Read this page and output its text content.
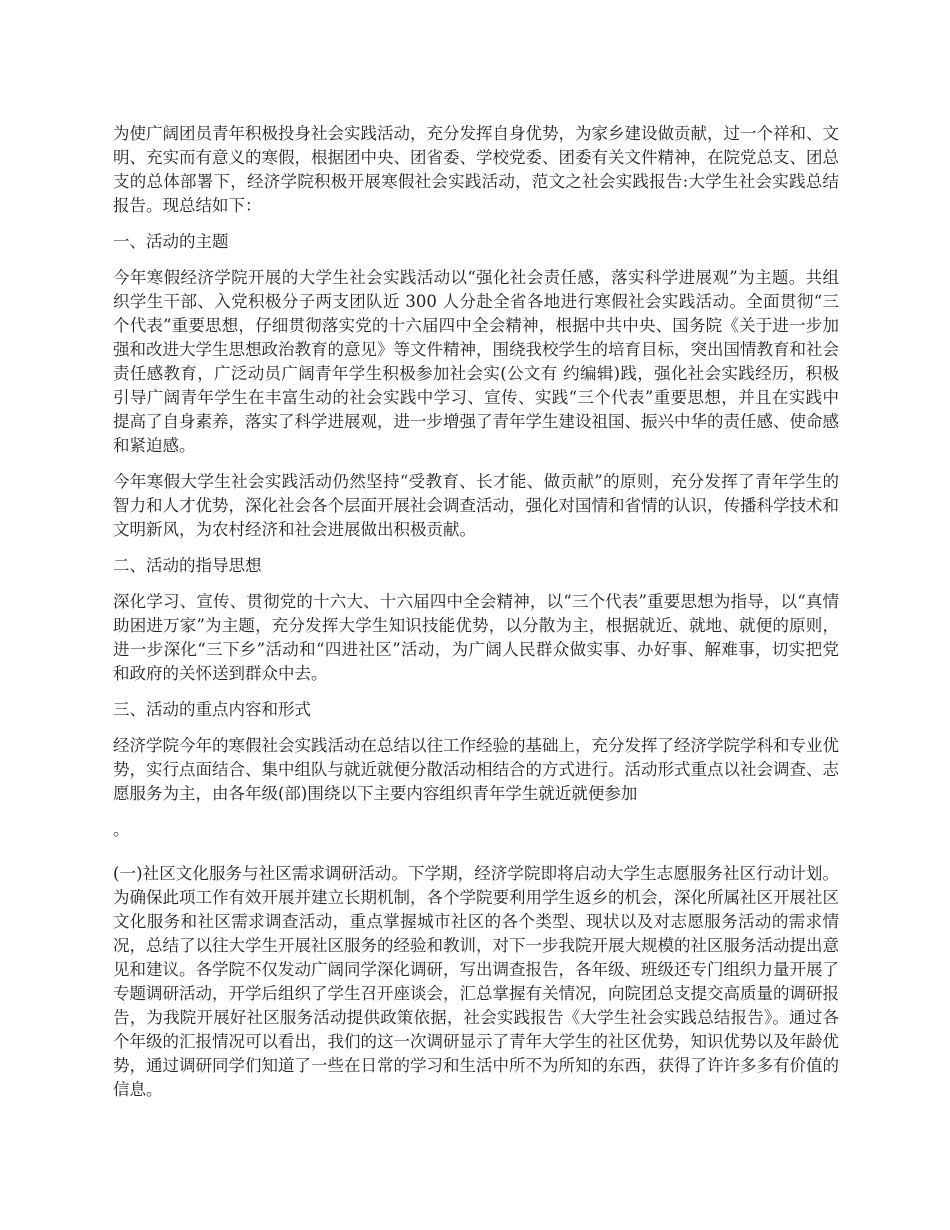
为使广阔团员青年积极投身社会实践活动，充分发挥自身优势，为家乡建设做贡献，过一个祥和、文明、充实而有意义的寒假，根据团中央、团省委、学校党委、团委有关文件精神，在院党总支、团总支的总体部署下，经济学院积极开展寒假社会实践活动，范文之社会实践报告:大学生社会实践总结报告。现总结如下：

一、活动的主题

今年寒假经济学院开展的大学生社会实践活动以“强化社会责任感，落实科学进展观”为主题。共组织学生干部、入党积极分子两支团队近 300 人分赴全省各地进行寒假社会实践活动。全面贯彻“三个代表”重要思想，仔细贯彻落实党的十六届四中全会精神，根据中共中央、国务院《关于进一步加强和改进大学生思想政治教育的意见》等文件精神，围绕我校学生的培育目标，突出国情教育和社会责任感教育，广泛动员广阔青年学生积极参加社会实(公文有 约编辑)践，强化社会实践经历，积极引导广阔青年学生在丰富生动的社会实践中学习、宣传、实践“三个代表”重要思想，并且在实践中提高了自身素养，落实了科学进展观，进一步增强了青年学生建设祖国、振兴中华的责任感、使命感和紧迫感。

今年寒假大学生社会实践活动仍然坚持“受教育、长才能、做贡献”的原则，充分发挥了青年学生的智力和人才优势，深化社会各个层面开展社会调查活动，强化对国情和省情的认识，传播科学技术和文明新风，为农村经济和社会进展做出积极贡献。

二、活动的指导思想

深化学习、宣传、贯彻党的十六大、十六届四中全会精神，以“三个代表”重要思想为指导，以“真情助困进万家”为主题，充分发挥大学生知识技能优势，以分散为主，根据就近、就地、就便的原则，进一步深化“三下乡”活动和“四进社区”活动，为广阔人民群众做实事、办好事、解难事，切实把党和政府的关怀送到群众中去。

三、活动的重点内容和形式

经济学院今年的寒假社会实践活动在总结以往工作经验的基础上，充分发挥了经济学院学科和专业优势，实行点面结合、集中组队与就近就便分散活动相结合的方式进行。活动形式重点以社会调查、志愿服务为主，由各年级(部)围绕以下主要内容组织青年学生就近就便参加

。

(一)社区文化服务与社区需求调研活动。下学期，经济学院即将启动大学生志愿服务社区行动计划。为确保此项工作有效开展并建立长期机制，各个学院要利用学生返乡的机会，深化所属社区开展社区文化服务和社区需求调查活动，重点掌握城市社区的各个类型、现状以及对志愿服务活动的需求情况，总结了以往大学生开展社区服务的经验和教训，对下一步我院开展大规模的社区服务活动提出意见和建议。各学院不仅发动广阔同学深化调研，写出调查报告，各年级、班级还专门组织力量开展了专题调研活动，开学后组织了学生召开座谈会，汇总掌握有关情况，向院团总支提交高质量的调研报告，为我院开展好社区服务活动提供政策依据，社会实践报告《大学生社会实践总结报告》。通过各个年级的汇报情况可以看出，我们的这一次调研显示了青年大学生的社区优势，知识优势以及年龄优势，通过调研同学们知道了一些在日常的学习和生活中所不为所知的东西，获得了许许多多有价值的信息。
